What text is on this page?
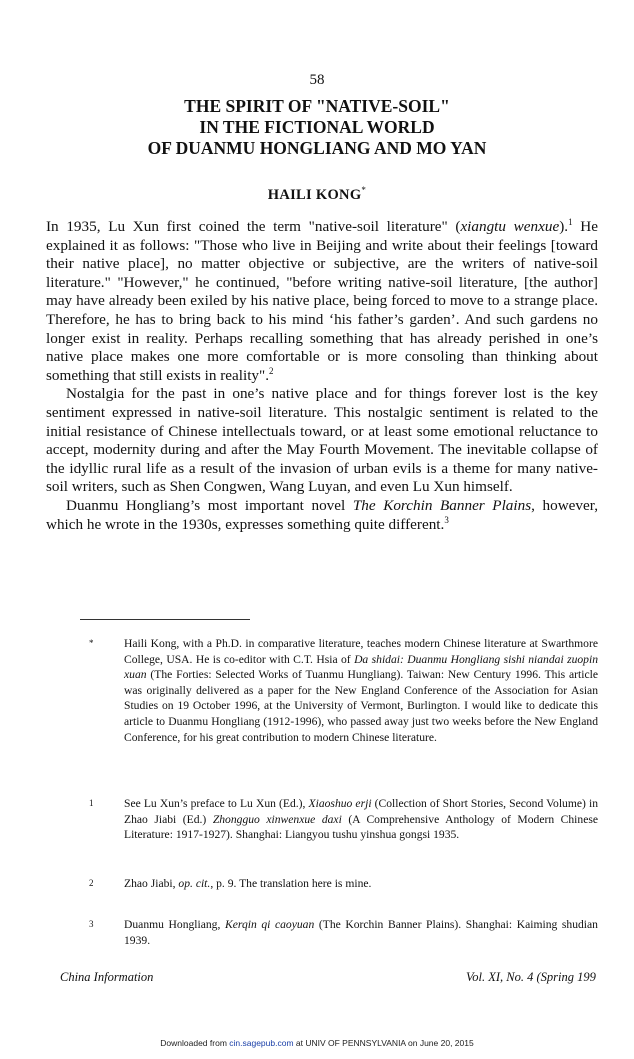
58
THE SPIRIT OF "NATIVE-SOIL"
IN THE FICTIONAL WORLD
OF DUANMU HONGLIANG AND MO YAN
HAILI KONG*

In 1935, Lu Xun first coined the term "native-soil literature" (xiangtu wenxue).$^1$ He explained it as follows: "Those who live in Beijing and write about their feelings [toward their native place], no matter objective or subjective, are the writers of native-soil literature." "However," he continued, "before writing native-soil literature, [the author] may have already been exiled by his native place, being forced to move to a strange place. Therefore, he has to bring back to his mind ‘his father’s garden’. And such gardens no longer exist in reality. Perhaps recalling something that has already perished in one’s native place makes one more comfortable or is more consoling than thinking about something that still exists in reality".$^2$

Nostalgia for the past in one’s native place and for things forever lost is the key sentiment expressed in native-soil literature. This nostalgic sentiment is related to the initial resistance of Chinese intellectuals toward, or at least some emotional reluctance to accept, modernity during and after the May Fourth Movement. The inevitable collapse of the idyllic rural life as a result of the invasion of urban evils is a theme for many native-soil writers, such as Shen Congwen, Wang Luyan, and even Lu Xun himself.

Duanmu Hongliang’s most important novel The Korchin Banner Plains, however, which he wrote in the 1930s, expresses something quite different.$^3$

*	Haili Kong, with a Ph.D. in comparative literature, teaches modern Chinese literature at Swarthmore College, USA. He is co-editor with C.T. Hsia of Da shidai: Duanmu Hongliang sishi niandai zuopin xuan (The Forties: Selected Works of Tuanmu Hungliang). Taiwan: New Century 1996. This article was originally delivered as a paper for the New England Conference of the Association for Asian Studies on 19 October 1996, at the University of Vermont, Burlington. I would like to dedicate this article to Duanmu Hongliang (1912-1996), who passed away just two weeks before the New England Conference, for his great contribution to modern Chinese literature.
1	See Lu Xun’s preface to Lu Xun (Ed.), Xiaoshuo erji (Collection of Short Stories, Second Volume) in Zhao Jiabi (Ed.) Zhongguo xinwenxue daxi (A Comprehensive Anthology of Modern Chinese Literature: 1917-1927). Shanghai: Liangyou tushu yinshua gongsi 1935.
2	Zhao Jiabi, op. cit., p. 9. The translation here is mine.
3	Duanmu Hongliang, Kerqin qi caoyuan (The Korchin Banner Plains). Shanghai: Kaiming shudian 1939.
China Information	Vol. XI, No. 4 (Spring 199
Downloaded from cin.sagepub.com at UNIV OF PENNSYLVANIA on June 20, 2015
